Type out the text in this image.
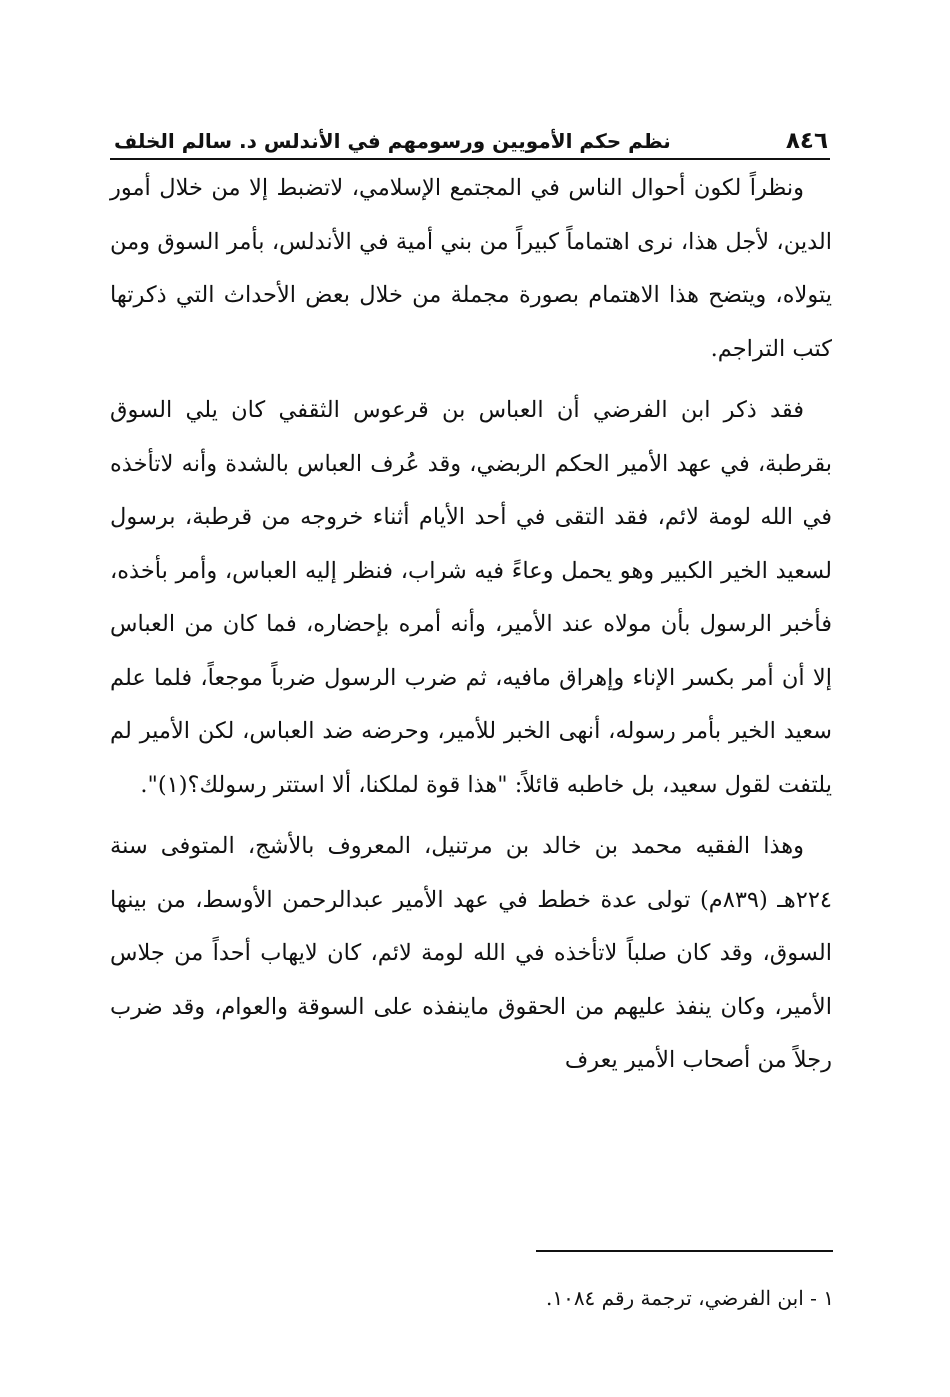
٨٤٦
نظم حكم الأمويين ورسومهم في الأندلس د. سالم الخلف

ونظراً لكون أحوال الناس في المجتمع الإسلامي، لاتضبط إلا من خلال أمور الدين، لأجل هذا، نرى اهتماماً كبيراً من بني أمية في الأندلس، بأمر السوق ومن يتولاه، ويتضح هذا الاهتمام بصورة مجملة من خلال بعض الأحداث التي ذكرتها كتب التراجم.

فقد ذكر ابن الفرضي أن العباس بن قرعوس الثقفي كان يلي السوق بقرطبة، في عهد الأمير الحكم الربضي، وقد عُرف العباس بالشدة وأنه لاتأخذه في الله لومة لائم، فقد التقى في أحد الأيام أثناء خروجه من قرطبة، برسول لسعيد الخير الكبير وهو يحمل وعاءً فيه شراب، فنظر إليه العباس، وأمر بأخذه، فأخبر الرسول بأن مولاه عند الأمير، وأنه أمره بإحضاره، فما كان من العباس إلا أن أمر بكسر الإناء وإهراق مافيه، ثم ضرب الرسول ضرباً موجعاً، فلما علم سعيد الخير بأمر رسوله، أنهى الخبر للأمير، وحرضه ضد العباس، لكن الأمير لم يلتفت لقول سعيد، بل خاطبه قائلاً: "هذا قوة لملكنا، ألا استتر رسولك؟(١)".

وهذا الفقيه محمد بن خالد بن مرتنيل، المعروف بالأشج، المتوفى سنة ٢٢٤هـ (٨٣٩م) تولى عدة خطط في عهد الأمير عبدالرحمن الأوسط، من بينها السوق، وقد كان صلباً لاتأخذه في الله لومة لائم، كان لايهاب أحداً من جلاس الأمير، وكان ينفذ عليهم من الحقوق ماينفذه على السوقة والعوام، وقد ضرب رجلاً من أصحاب الأمير يعرف

١ - ابن الفرضي، ترجمة رقم ١٠٨٤.
